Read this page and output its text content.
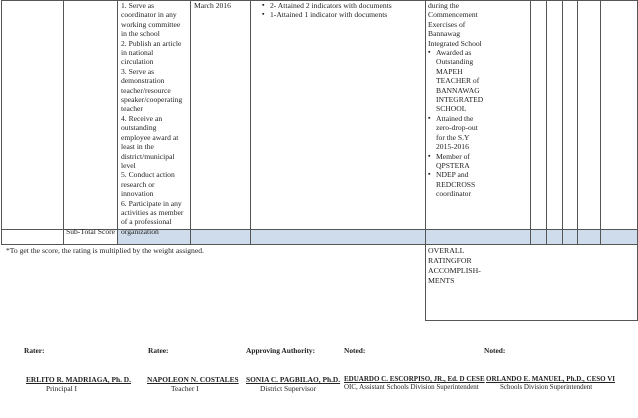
1. Serve as coordinator in any working committee in the school
2. Publish an article in national circulation
3. Serve as demonstration teacher/resource speaker/cooperating teacher
4. Receive an outstanding employee award at least in the district/municipal level
5. Conduct action research or innovation
6. Participate in any activities as member of a professional organization
March 2016
▪	2- Attained 2 indicators with documents
▪ 1-Attained 1 indicator with documents
during the Commencement Exercises of Bannawag Integrated School
▪ Awarded as Outstanding MAPEH TEACHER of BANNAWAG INTEGRATED SCHOOL
▪ Attained the zero-drop-out for the S.Y 2015-2016
▪ Member of QPSTERA
▪ NDEP and REDCROSS coordinator
Sub-Total Score
*To get the score, the rating is multiplied by the weight assigned.	OVERALL RATINGFOR ACCOMPLISH-MENTS
Rater:	Ratee:	Approving Authority:	Noted:	Noted:
ERLITO R. MADRIAGA, Ph. D.
Principal I
NAPOLEON N. COSTALES
Teacher I
SONIA C. PAGBILAO, Ph.D.
District Supervisor
EDUARDO C. ESCORPISO, JR., Ed. D CESE
OIC, Assistant Schools Division Superintendent
ORLANDO E. MANUEL, Ph.D., CESO VI
Schools Division Superintendent
